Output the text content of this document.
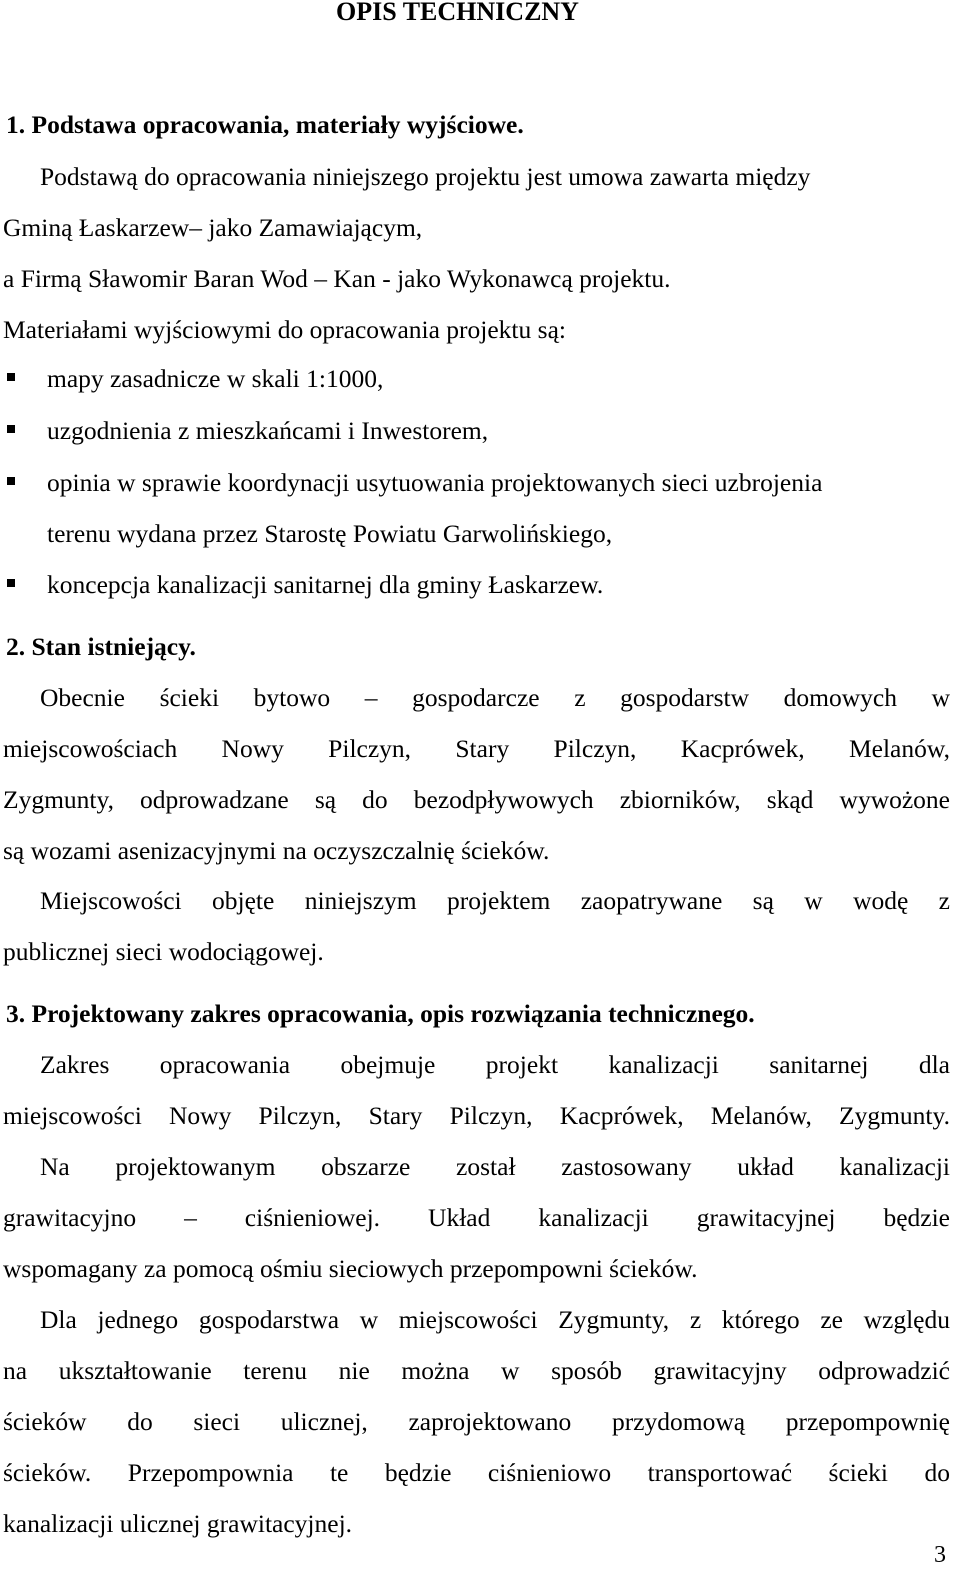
OPIS TECHNICZNY
1. Podstawa opracowania, materiały wyjściowe.
Podstawą do opracowania niniejszego projektu jest umowa zawarta między
Gminą Łaskarzew– jako Zamawiającym,
a Firmą Sławomir Baran Wod – Kan - jako Wykonawcą projektu.
Materiałami wyjściowymi do opracowania projektu są:
mapy zasadnicze w skali 1:1000,
uzgodnienia z mieszkańcami i Inwestorem,
opinia w sprawie koordynacji usytuowania projektowanych sieci uzbrojenia
terenu wydana przez Starostę Powiatu Garwolińskiego,
koncepcja kanalizacji sanitarnej dla gminy Łaskarzew.
2. Stan istniejący.
Obecnie ścieki bytowo – gospodarcze z gospodarstw domowych w
miejscowościach Nowy Pilczyn, Stary Pilczyn, Kacprówek, Melanów,
Zygmunty, odprowadzane są do bezodpływowych zbiorników, skąd wywożone
są wozami asenizacyjnymi na oczyszczalnię ścieków.
Miejscowości objęte niniejszym projektem zaopatrywane są w wodę z
publicznej sieci wodociągowej.
3. Projektowany zakres opracowania, opis rozwiązania technicznego.
Zakres opracowania obejmuje projekt kanalizacji sanitarnej dla
miejscowości Nowy Pilczyn, Stary Pilczyn, Kacprówek, Melanów, Zygmunty.
Na projektowanym obszarze został zastosowany układ kanalizacji
grawitacyjno – ciśnieniowej. Układ kanalizacji grawitacyjnej będzie
wspomagany za pomocą ośmiu sieciowych przepompowni ścieków.
Dla jednego gospodarstwa w miejscowości Zygmunty, z którego ze względu
na ukształtowanie terenu nie można w sposób grawitacyjny odprowadzić
ścieków do sieci ulicznej, zaprojektowano przydomową przepompownię
ścieków. Przepompownia te będzie ciśnieniowo transportować ścieki do
kanalizacji ulicznej grawitacyjnej.
3
